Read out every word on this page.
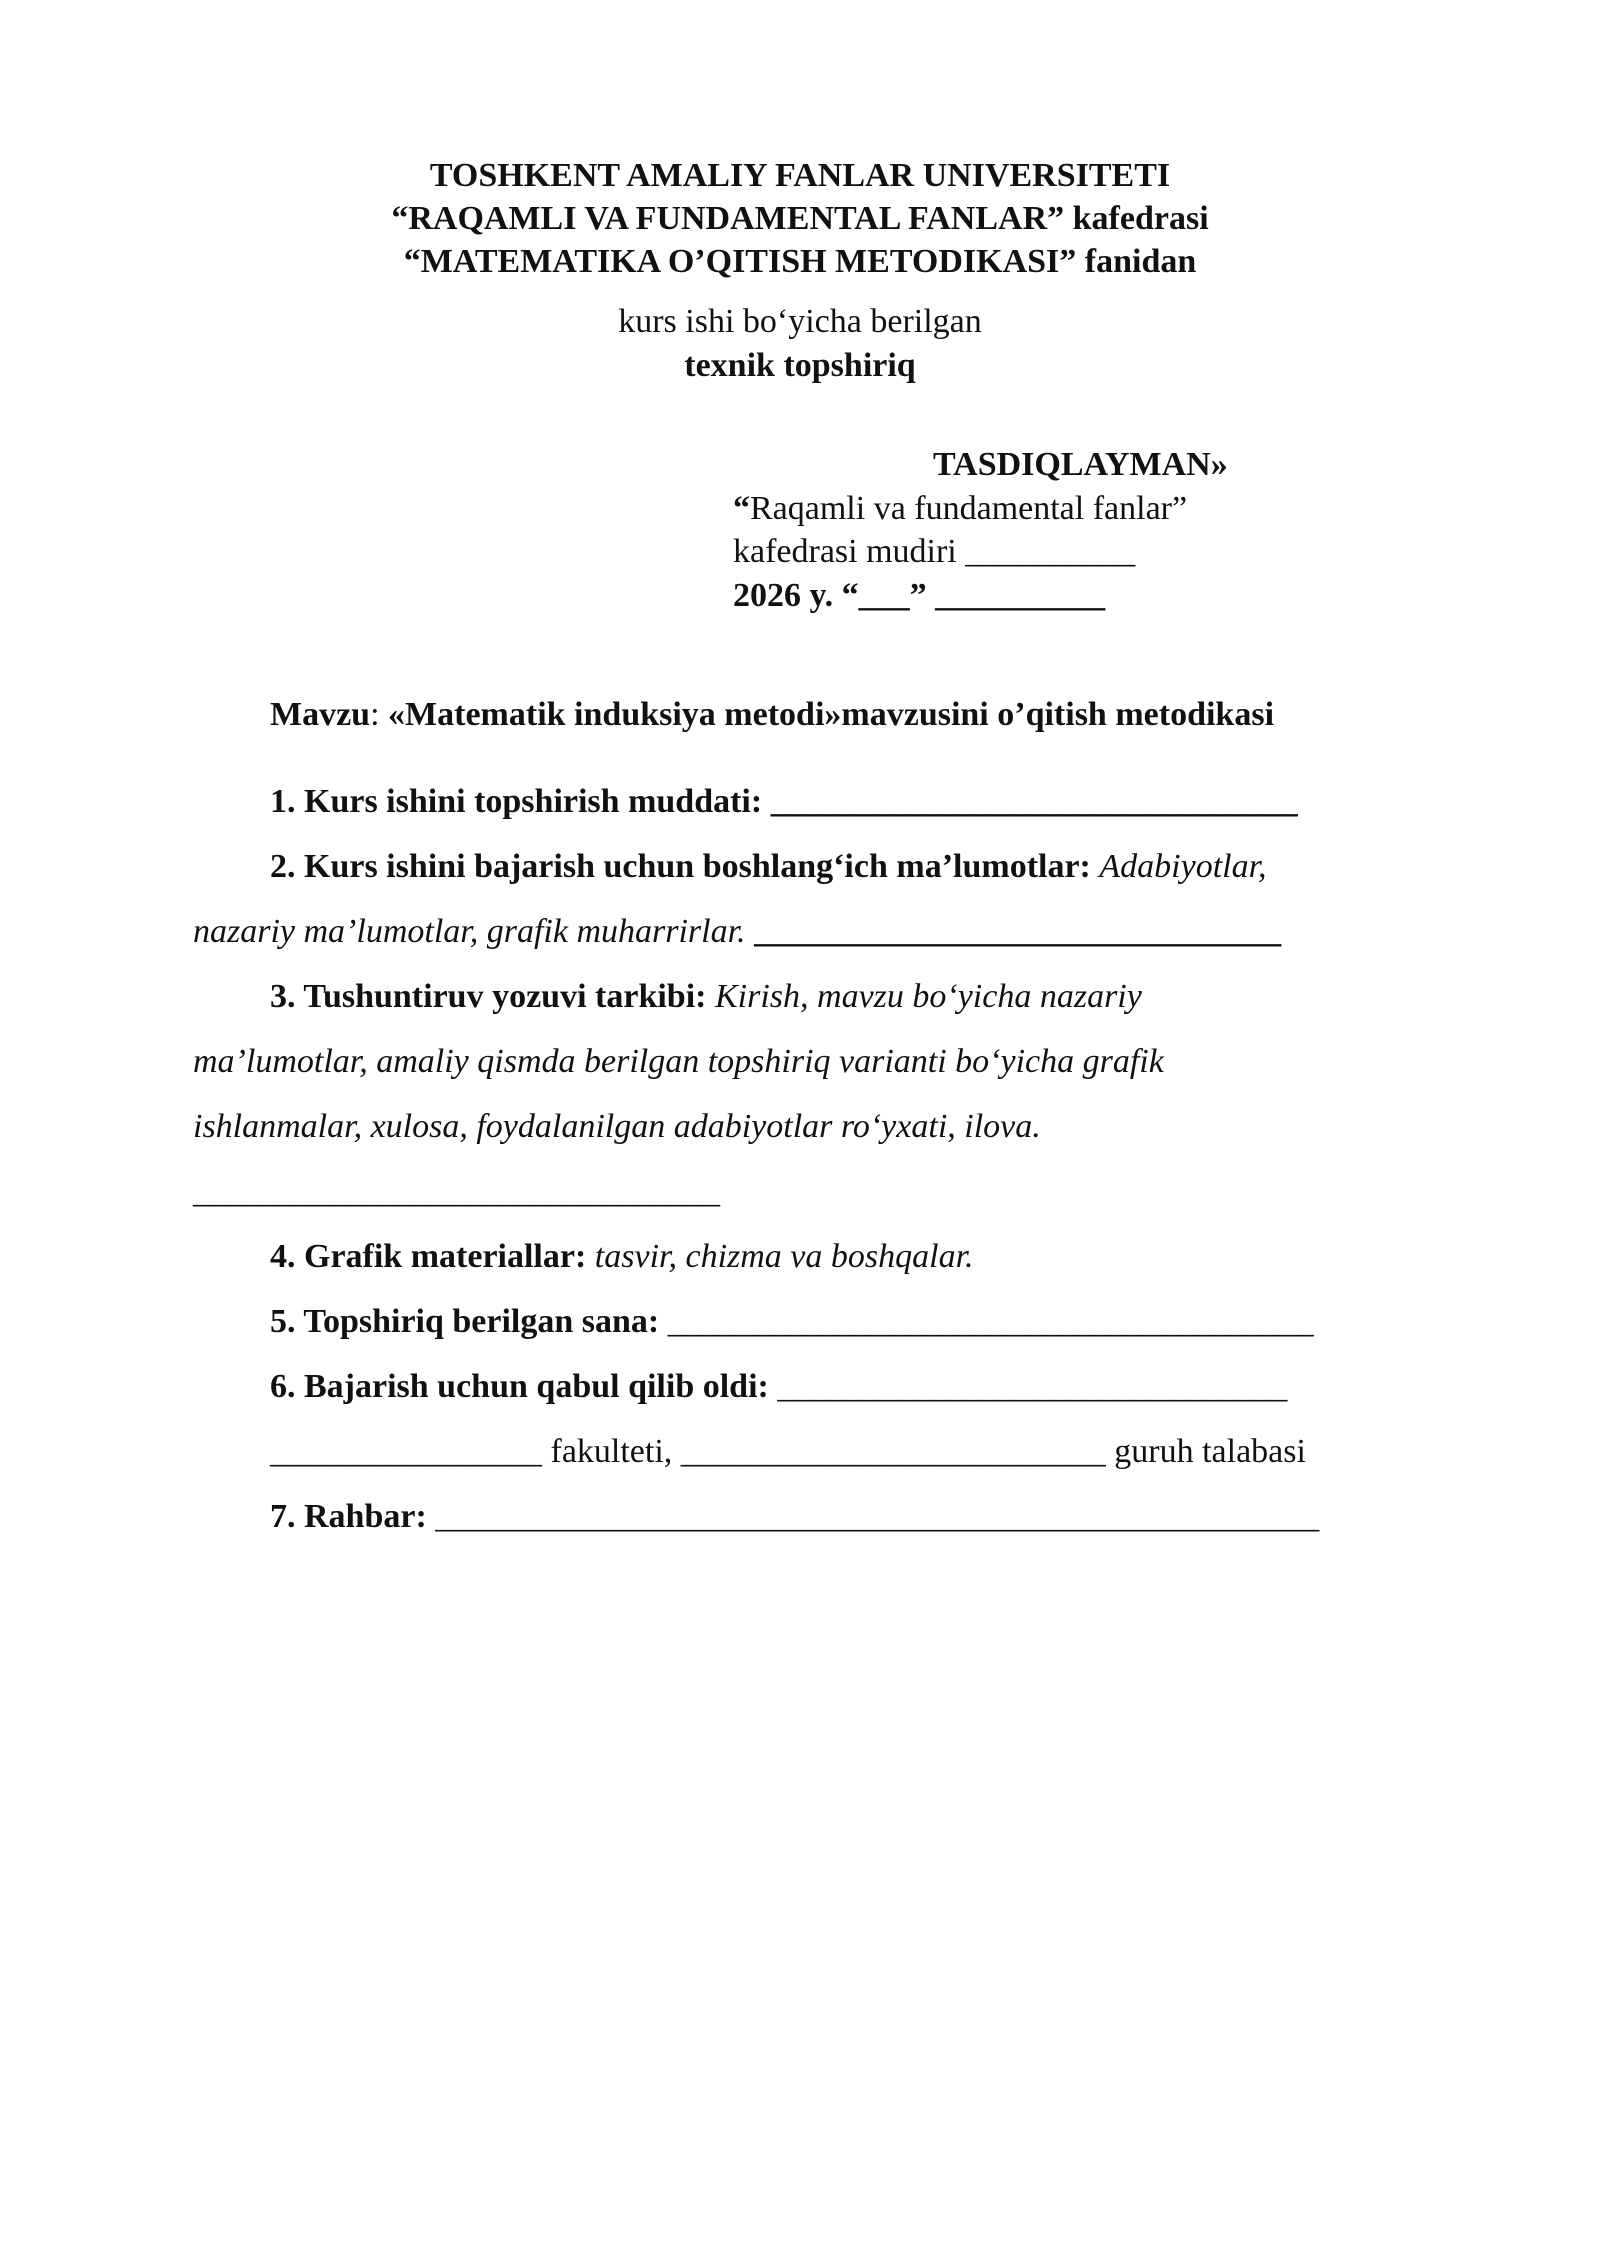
TOSHKENT AMALIY FANLAR UNIVERSITETI
“RAQAMLI VA FUNDAMENTAL FANLAR” kafedrasi
“MATEMATIKA O’QITISH METODIKASI” fanidan
kurs ishi bo‘yicha berilgan
texnik topshiriq
TASDIQLAYMAN»
“Raqamli va fundamental fanlar”
kafedrasi mudiri __________
2026 y. “___” __________
Mavzu: «Matematik induksiya metodi»mavzusini o’qitish metodikasi
1. Kurs ishini topshirish muddati: _______________________________
2. Kurs ishini bajarish uchun boshlang‘ich ma’lumotlar: Adabiyotlar,
nazariy ma’lumotlar, grafik muharrirlar. _______________________________
3. Tushuntiruv yozuvi tarkibi: Kirish, mavzu bo‘yicha nazariy
ma’lumotlar, amaliy qismda berilgan topshiriq varianti bo‘yicha grafik
ishlanmalar, xulosa, foydalanilgan adabiyotlar ro‘yxati, ilova.
_______________________________
4. Grafik materiallar: tasvir, chizma va boshqalar.
5. Topshiriq berilgan sana: ______________________________________
6. Bajarish uchun qabul qilib oldi: ______________________________
________________ fakulteti, _________________________ guruh talabasi
7. Rahbar: ____________________________________________________
